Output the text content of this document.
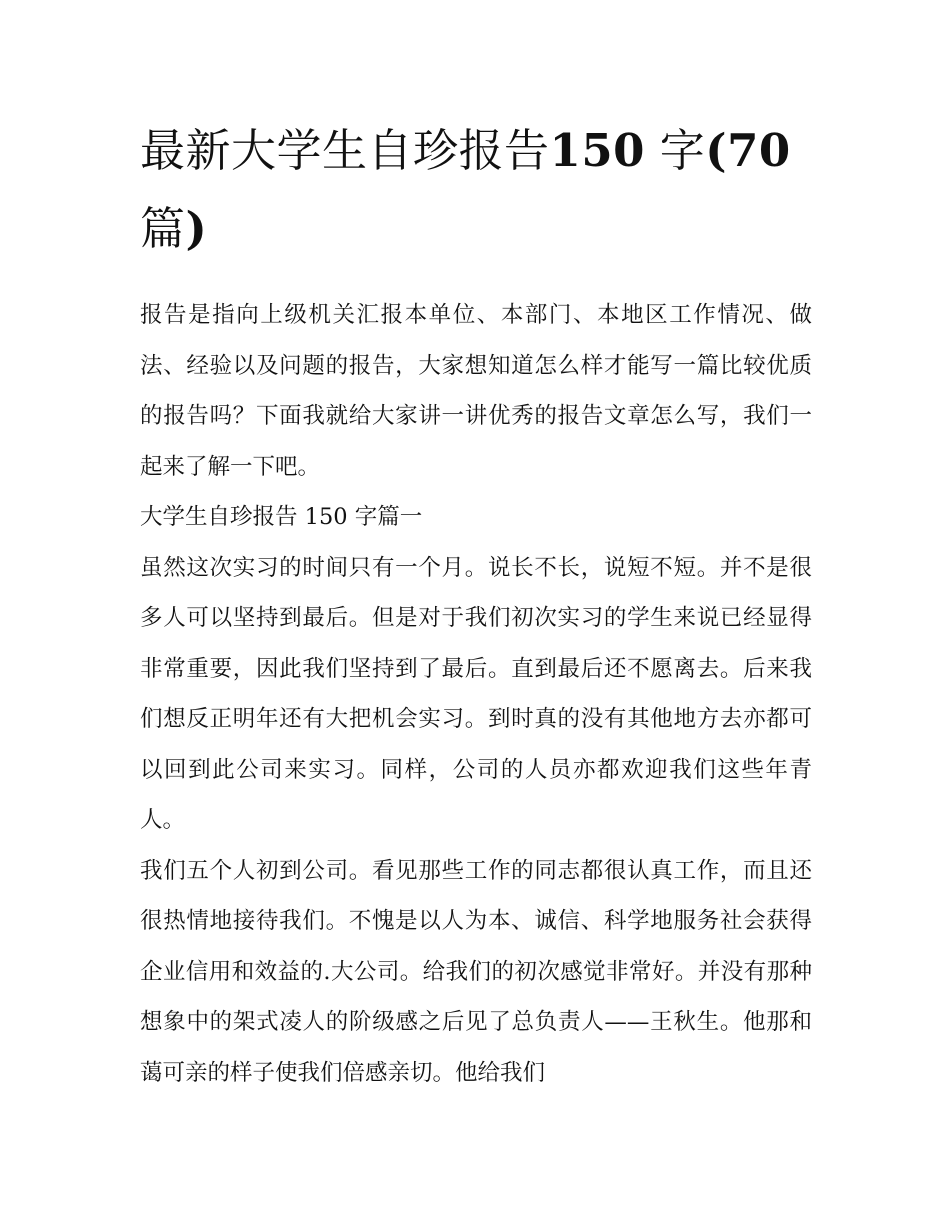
最新大学生自珍报告150 字(70
篇)

报告是指向上级机关汇报本单位、本部门、本地区工作情况、做法、经验以及问题的报告，大家想知道怎么样才能写一篇比较优质的报告吗？下面我就给大家讲一讲优秀的报告文章怎么写，我们一起来了解一下吧。

大学生自珍报告 150 字篇一

虽然这次实习的时间只有一个月。说长不长，说短不短。并不是很多人可以坚持到最后。但是对于我们初次实习的学生来说已经显得非常重要，因此我们坚持到了最后。直到最后还不愿离去。后来我们想反正明年还有大把机会实习。到时真的没有其他地方去亦都可以回到此公司来实习。同样，公司的人员亦都欢迎我们这些年青人。

我们五个人初到公司。看见那些工作的同志都很认真工作，而且还很热情地接待我们。不愧是以人为本、诚信、科学地服务社会获得企业信用和效益的.大公司。给我们的初次感觉非常好。并没有那种想象中的架式凌人的阶级感之后见了总负责人——王秋生。他那和蔼可亲的样子使我们倍感亲切。他给我们
